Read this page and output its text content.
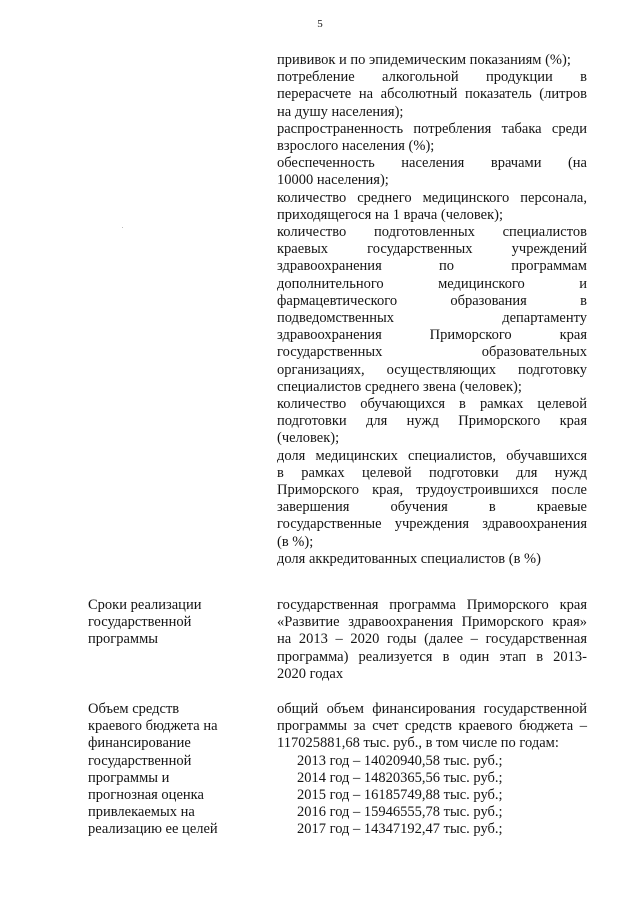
5
прививок и по эпидемическим показаниям (%);
потребление алкогольной продукции в
перерасчете на абсолютный показатель (литров
на душу населения);
распространенность потребления табака среди
взрослого населения (%);
обеспеченность населения врачами (на
10000 населения);
количество среднего медицинского персонала,
приходящегося на 1 врача (человек);
количество подготовленных специалистов
краевых государственных учреждений
здравоохранения по программам
дополнительного медицинского и
фармацевтического образования в
подведомственных департаменту
здравоохранения Приморского края
государственных образовательных
организациях, осуществляющих подготовку
специалистов среднего звена (человек);
количество обучающихся в рамках целевой
подготовки для нужд Приморского края
(человек);
доля медицинских специалистов, обучавшихся
в рамках целевой подготовки для нужд
Приморского края, трудоустроившихся после
завершения обучения в краевые
государственные учреждения здравоохранения
(в %);
доля аккредитованных специалистов (в %)
Сроки реализации
государственной
программы
государственная программа Приморского края
«Развитие здравоохранения Приморского края»
на 2013 – 2020 годы (далее – государственная
программа) реализуется в один этап в 2013-
2020 годах
Объем средств
краевого бюджета на
финансирование
государственной
программы и
прогнозная оценка
привлекаемых на
реализацию ее целей
общий объем финансирования государственной
программы за счет средств краевого бюджета –
117025881,68 тыс. руб., в том числе по годам:
2013 год – 14020940,58 тыс. руб.;
2014 год – 14820365,56 тыс. руб.;
2015 год – 16185749,88 тыс. руб.;
2016 год – 15946555,78 тыс. руб.;
2017 год – 14347192,47 тыс. руб.;
